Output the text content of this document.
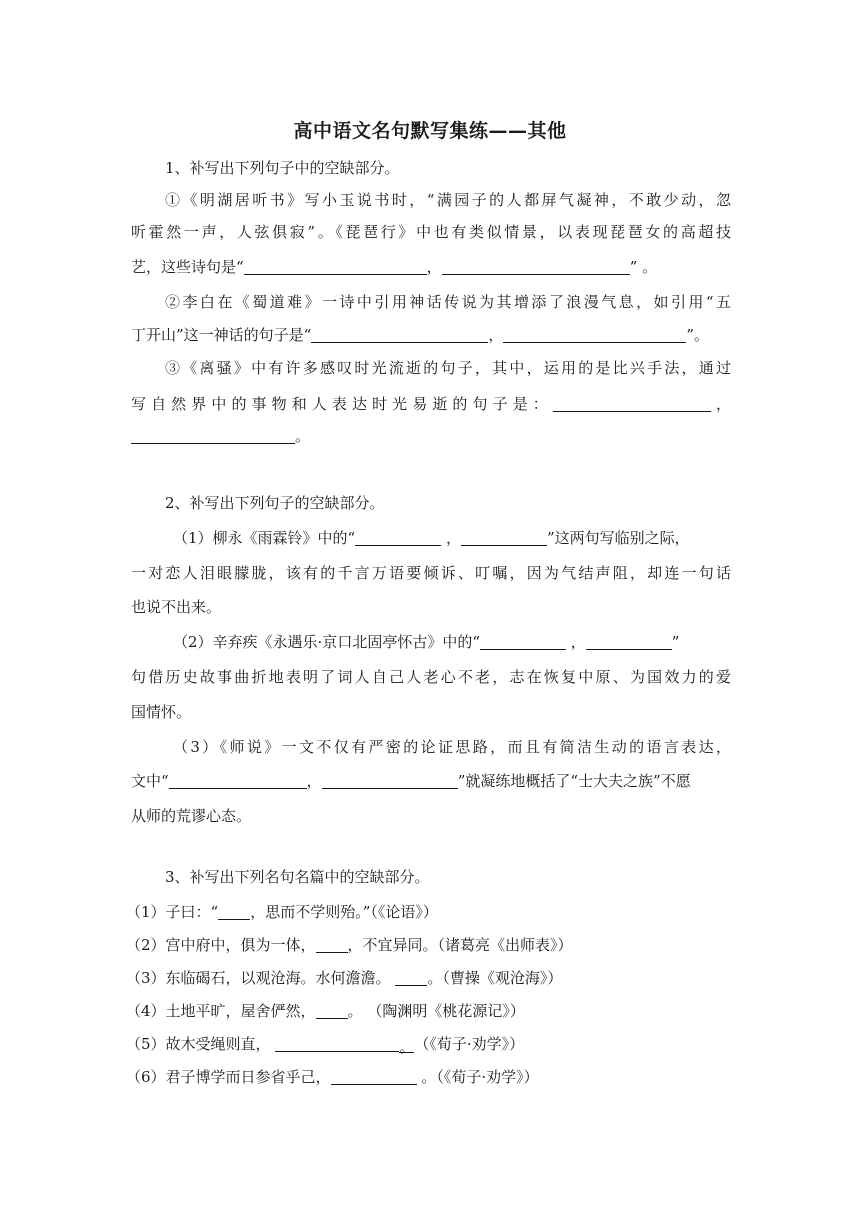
高中语文名句默写集练——其他
1、补写出下列句子中的空缺部分。
①《明湖居听书》写小玉说书时，“满园子的人都屏气凝神，不敢少动，忽
听霍然一声，人弦俱寂”。《琵琶行》中也有类似情景，以表现琵琶女的高超技
艺，这些诗句是“	，	” 。
②李白在《蜀道难》一诗中引用神话传说为其增添了浪漫气息，如引用“五
丁开山”这一神话的句子是“	，	”。
③《离骚》中有许多感叹时光流逝的句子，其中，运用的是比兴手法，通过
写自然界中的事物和人表达时光易逝的句子是：	，
。
2、补写出下列句子的空缺部分。
（1）柳永《雨霖铃》中的“	，	”这两句写临别之际，
一对恋人泪眼朦胧，该有的千言万语要倾诉、叮嘱，因为气结声阻，却连一句话
也说不出来。
（2）辛弃疾《永遇乐·京口北固亭怀古》中的“	，	”
句借历史故事曲折地表明了词人自己人老心不老，志在恢复中原、为国效力的爱
国情怀。
（3）《师说》一文不仅有严密的论证思路，而且有简洁生动的语言表达，
文中“	，	”就凝练地概括了“士大夫之族”不愿
从师的荒谬心态。
3、补写出下列名句名篇中的空缺部分。
（1）子曰：“ ，思而不学则殆。”（《论语》）
（2）宫中府中，俱为一体， ，不宜异同。（诸葛亮《出师表》）
（3）东临碣石，以观沧海。水何澹澹。 。（曹操《观沧海》）
（4）土地平旷，屋舍俨然， 。 （陶渊明《桃花源记》）
（5）故木受绳则直，	。（《荀子·劝学》）
（6）君子博学而日参省乎己，	。（《荀子·劝学》）
